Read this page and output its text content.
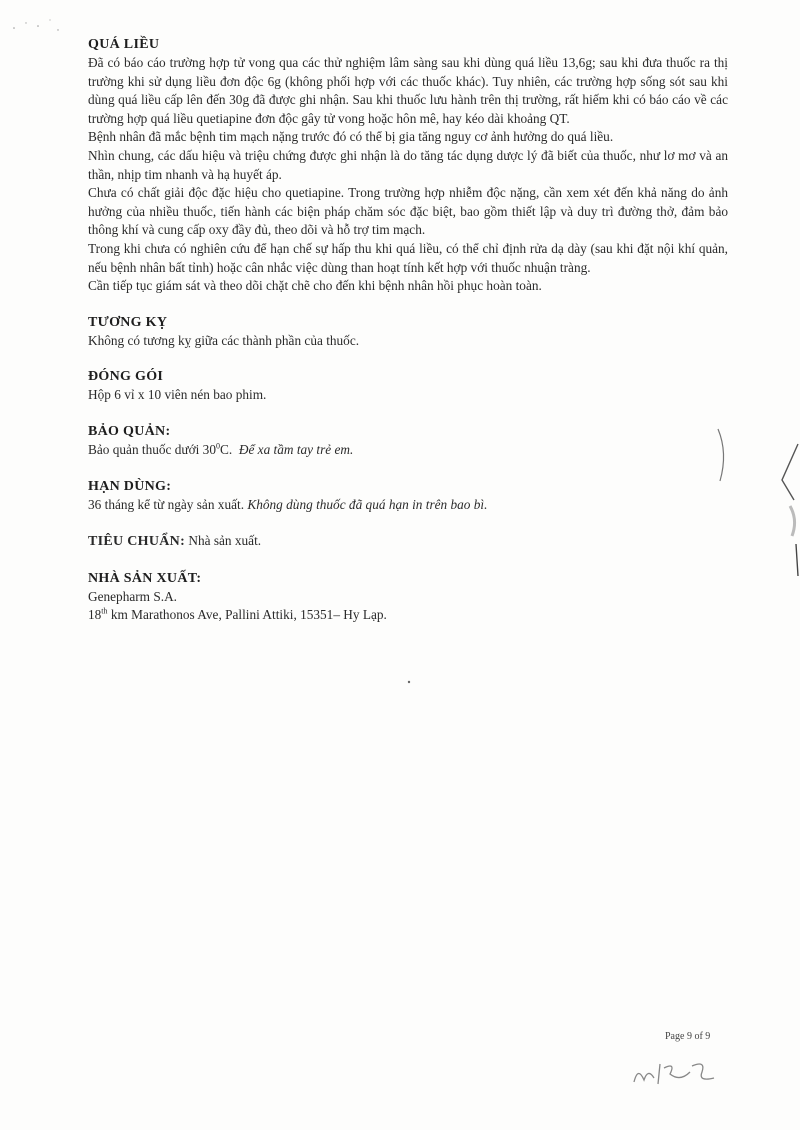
QUÁ LIỀU

Đã có báo cáo trường hợp tử vong qua các thử nghiệm lâm sàng sau khi dùng quá liều 13,6g; sau khi đưa thuốc ra thị trường khi sử dụng liều đơn độc 6g (không phối hợp với các thuốc khác). Tuy nhiên, các trường hợp sống sót sau khi dùng quá liều cấp lên đến 30g đã được ghi nhận. Sau khi thuốc lưu hành trên thị trường, rất hiếm khi có báo cáo về các trường hợp quá liều quetiapine đơn độc gây tử vong hoặc hôn mê, hay kéo dài khoảng QT.

Bệnh nhân đã mắc bệnh tim mạch nặng trước đó có thể bị gia tăng nguy cơ ảnh hưởng do quá liều.

Nhìn chung, các dấu hiệu và triệu chứng được ghi nhận là do tăng tác dụng dược lý đã biết của thuốc, như lơ mơ và an thần, nhịp tim nhanh và hạ huyết áp.

Chưa có chất giải độc đặc hiệu cho quetiapine. Trong trường hợp nhiễm độc nặng, cần xem xét đến khả năng do ảnh hưởng của nhiều thuốc, tiến hành các biện pháp chăm sóc đặc biệt, bao gồm thiết lập và duy trì đường thở, đảm bảo thông khí và cung cấp oxy đầy đủ, theo dõi và hỗ trợ tim mạch.

Trong khi chưa có nghiên cứu để hạn chế sự hấp thu khi quá liều, có thể chỉ định rửa dạ dày (sau khi đặt nội khí quản, nếu bệnh nhân bất tỉnh) hoặc cân nhắc việc dùng than hoạt tính kết hợp với thuốc nhuận tràng.

Cần tiếp tục giám sát và theo dõi chặt chẽ cho đến khi bệnh nhân hồi phục hoàn toàn.

TƯƠNG KỴ

Không có tương kỵ giữa các thành phần của thuốc.

ĐÓNG GÓI

Hộp 6 vỉ x 10 viên nén bao phim.

BẢO QUẢN:

Bảo quản thuốc dưới $30^0C$. Để xa tầm tay trẻ em.

HẠN DÙNG:

36 tháng kể từ ngày sản xuất. Không dùng thuốc đã quá hạn in trên bao bì.

TIÊU CHUẨN: Nhà sản xuất.

NHÀ SẢN XUẤT:

Genepharm S.A.

18th km Marathonos Ave, Pallini Attiki, 15351– Hy Lạp.

Page 9 of 9
